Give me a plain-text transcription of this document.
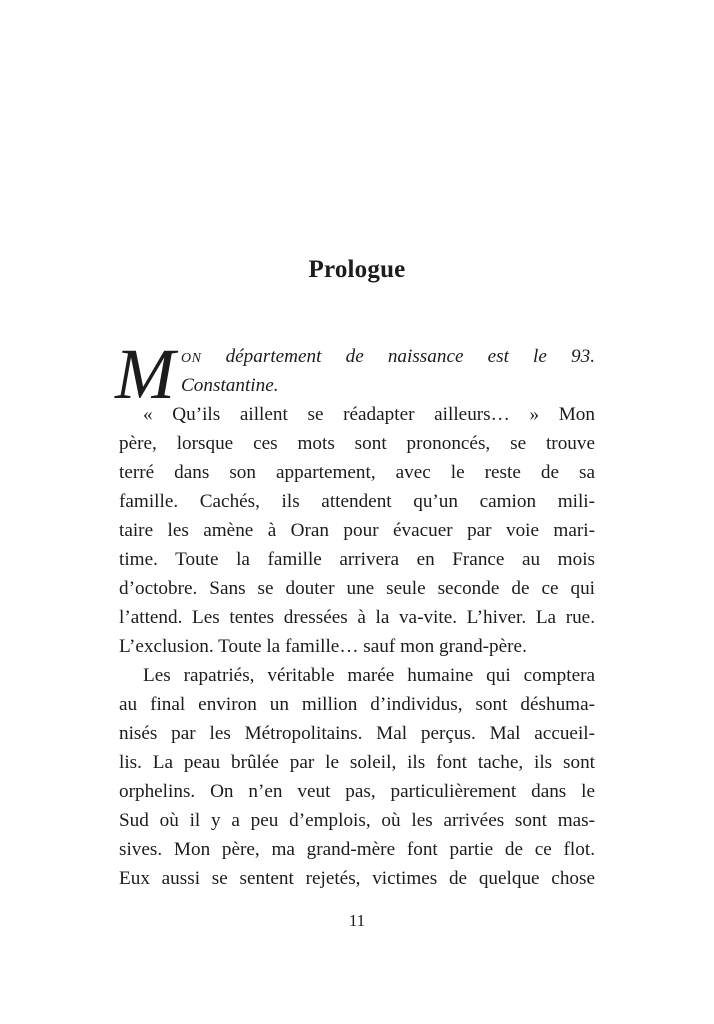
Prologue
M ON département de naissance est le 93.
Constantine.
« Qu’ils aillent se réadapter ailleurs… » Mon
père, lorsque ces mots sont prononcés, se trouve
terré dans son appartement, avec le reste de sa
famille. Cachés, ils attendent qu’un camion mili-
taire les amène à Oran pour évacuer par voie mari-
time. Toute la famille arrivera en France au mois
d’octobre. Sans se douter une seule seconde de ce qui
l’attend. Les tentes dressées à la va-vite. L’hiver. La rue.
L’exclusion. Toute la famille… sauf mon grand-père.
Les rapatriés, véritable marée humaine qui comptera
au final environ un million d’individus, sont déshuma-
nisés par les Métropolitains. Mal perçus. Mal accueil-
lis. La peau brûlée par le soleil, ils font tache, ils sont
orphelins. On n’en veut pas, particulièrement dans le
Sud où il y a peu d’emplois, où les arrivées sont mas-
sives. Mon père, ma grand-mère font partie de ce flot.
Eux aussi se sentent rejetés, victimes de quelque chose
11
